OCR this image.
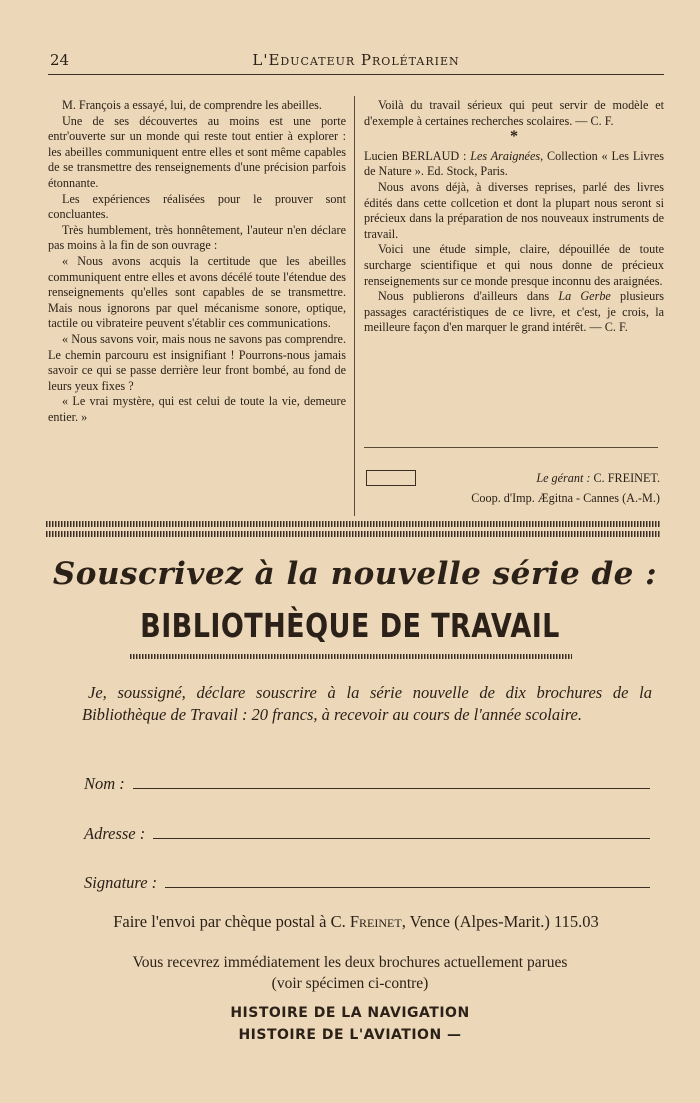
24	L'Educateur Prolétarien

M. François a essayé, lui, de comprendre les abeilles.

Une de ses découvertes au moins est une porte entr'ouverte sur un monde qui reste tout entier à explorer : les abeilles communiquent entre elles et sont même capables de se transmettre des renseignements d'une précision parfois étonnante.

Les expériences réalisées pour le prouver sont concluantes.

Très humblement, très honnêtement, l'auteur n'en déclare pas moins à la fin de son ouvrage :

« Nous avons acquis la certitude que les abeilles communiquent entre elles et avons décélé toute l'étendue des renseignements qu'elles sont capables de se transmettre. Mais nous ignorons par quel mécanisme sonore, optique, tactile ou vibrateire peuvent s'établir ces communications.

« Nous savons voir, mais nous ne savons pas comprendre. Le chemin parcouru est insignifiant ! Pourrons-nous jamais savoir ce qui se passe derrière leur front bombé, au fond de leurs yeux fixes ?

« Le vrai mystère, qui est celui de toute la vie, demeure entier. »

Voilà du travail sérieux qui peut servir de modèle et d'exemple à certaines recherches scolaires. — C. F.

*

Lucien BERLAUD : Les Araignées, Collection « Les Livres de Nature ». Ed. Stock, Paris.

Nous avons déjà, à diverses reprises, parlé des livres édités dans cette collcetion et dont la plupart nous seront si précieux dans la préparation de nos nouveaux instruments de travail.

Voici une étude simple, claire, dépouillée de toute surcharge scientifique et qui nous donne de précieux renseignements sur ce monde presque inconnu des araignées.

Nous publierons d'ailleurs dans La Gerbe plusieurs passages caractéristiques de ce livre, et c'est, je crois, la meilleure façon d'en marquer le grand intérêt. — C. F.

Le gérant : C. FREINET.
Coop. d'Imp. Ægitna - Cannes (A.-M.)
Souscrivez à la nouvelle série de :
BIBLIOTHÈQUE DE TRAVAIL
Je, soussigné, déclare souscrire à la série nouvelle de dix brochures de la Bibliothèque de Travail : 20 francs, à recevoir au cours de l'année scolaire.
Nom :
Adresse :
Signature :
Faire l'envoi par chèque postal à C. Freinet, Vence (Alpes-Marit.) 115.03
Vous recevrez immédiatement les deux brochures actuellement parues
(voir spécimen ci-contre)
HISTOIRE DE LA NAVIGATION
HISTOIRE DE L'AVIATION —
